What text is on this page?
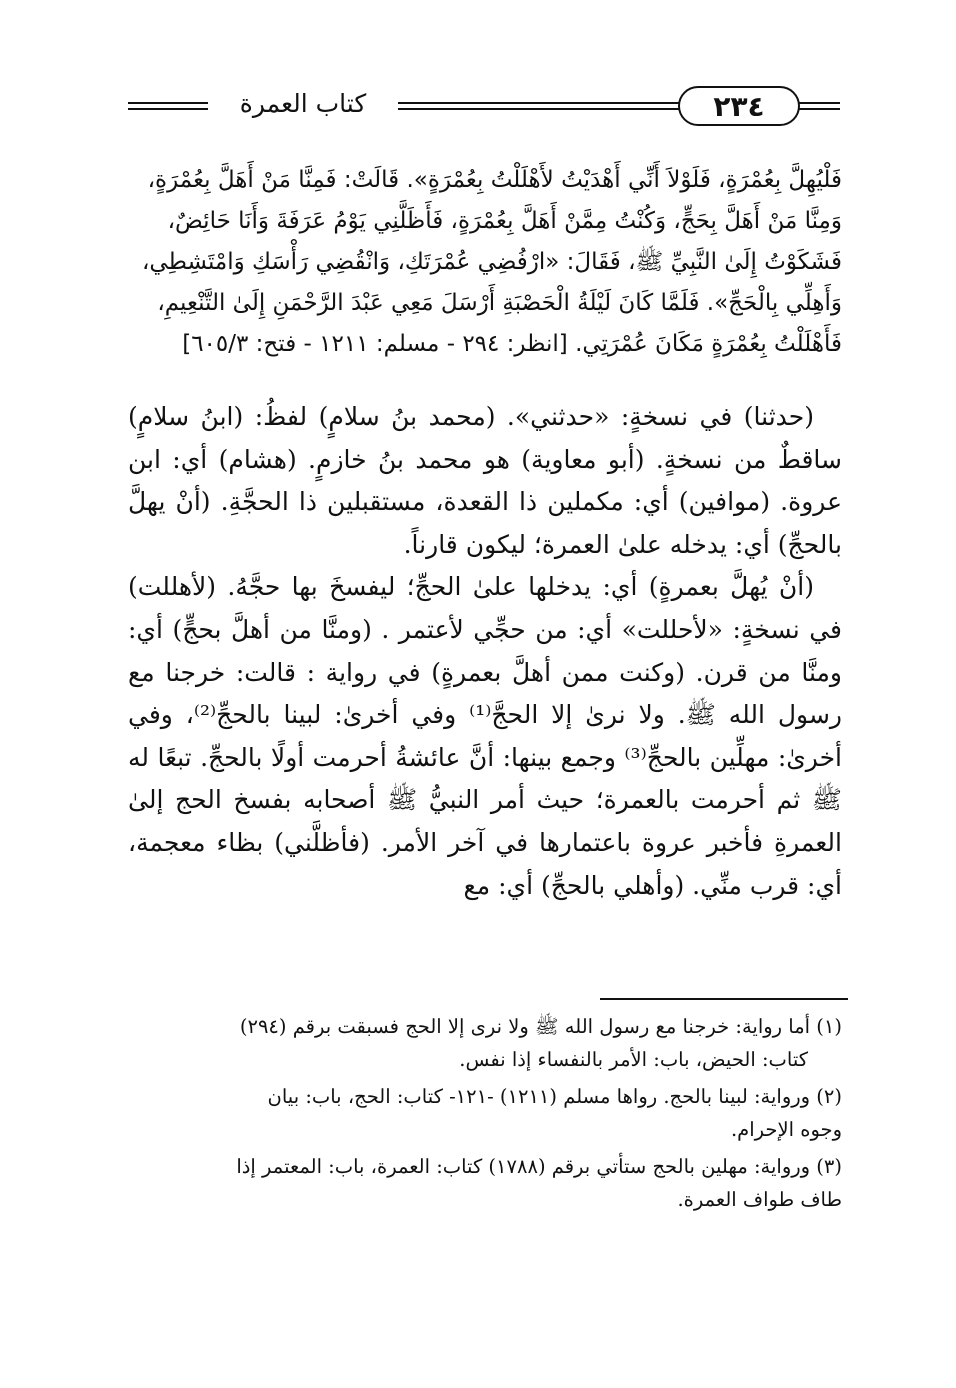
كتاب العمرة	٢٣٤

فَلْيُهِلَّ بِعُمْرَةٍ، فَلَوْلاَ أَنِّي أَهْدَيْتُ لأَهْلَلْتُ بِعُمْرَةٍ». قَالَتْ: فَمِنَّا مَنْ أَهَلَّ بِعُمْرَةٍ،

وَمِنَّا مَنْ أَهَلَّ بِحَجٍّ، وَكُنْتُ مِمَّنْ أَهَلَّ بِعُمْرَةٍ، فَأَظَلَّنِي يَوْمُ عَرَفَةَ وَأَنَا حَائِضٌ،

فَشَكَوْتُ إِلَىٰ النَّبِيِّ ﷺ، فَقَالَ: «ارْفُضِي عُمْرَتَكِ، وَانْقُضِي رَأْسَكِ وَامْتَشِطِي،

وَأَهِلِّي بِالْحَجِّ». فَلَمَّا كَانَ لَيْلَةُ الْحَصْبَةِ أَرْسَلَ مَعِي عَبْدَ الرَّحْمَنِ إِلَىٰ التَّنْعِيمِ،

فَأَهْلَلْتُ بِعُمْرَةٍ مَكَانَ عُمْرَتِي. [انظر: ٢٩٤ - مسلم: ١٢١١ - فتح: ٦٠٥/٣]

(حدثنا) في نسخةٍ: «حدثني». (محمد بنُ سلامٍ) لفظُ: (ابنُ سلامٍ) ساقطٌ من نسخةٍ. (أبو معاوية) هو محمد بنُ خازمٍ. (هشام) أي: ابن عروة. (موافين) أي: مكملين ذا القعدة، مستقبلين ذا الحجَّةِ. (أنْ يهلَّ بالحجِّ) أي: يدخله علىٰ العمرة؛ ليكون قارناً.

(أنْ يُهلَّ بعمرةٍ) أي: يدخلها علىٰ الحجِّ؛ ليفسخَ بها حجَّهُ. (لأهللت) في نسخةٍ: «لأحللت» أي: من حجِّي لأعتمر . (ومنَّا من أهلَّ بحجٍّ) أي: ومنَّا من قرن. (وكنت ممن أهلَّ بعمرةٍ) في رواية : قالت: خرجنا مع رسول الله ﷺ. ولا نرىٰ إلا الحجَّ⁽¹⁾ وفي أخرىٰ: لبينا بالحجِّ⁽²⁾، وفي أخرىٰ: مهلِّين بالحجِّ⁽³⁾ وجمع بينها: أنَّ عائشةُ أحرمت أولًا بالحجِّ. تبعًا له ﷺ ثم أحرمت بالعمرة؛ حيث أمر النبيُّ ﷺ أصحابه بفسخ الحج إلىٰ العمرةِ فأخبر عروة باعتمارها في آخر الأمر. (فأظلَّني) بظاء معجمة، أي: قرب منِّي. (وأهلي بالحجِّ) أي: مع

(١) أما رواية: خرجنا مع رسول الله ﷺ ولا نرى إلا الحج فسبقت برقم (٢٩٤)
كتاب: الحيض، باب: الأمر بالنفساء إذا نفس.

(٢) ورواية: لبينا بالحج. رواها مسلم (١٢١١) -١٢١- كتاب: الحج، باب: بيان
وجوه الإحرام.

(٣) ورواية: مهلين بالحج ستأتي برقم (١٧٨٨) كتاب: العمرة، باب: المعتمر إذا
طاف طواف العمرة.
